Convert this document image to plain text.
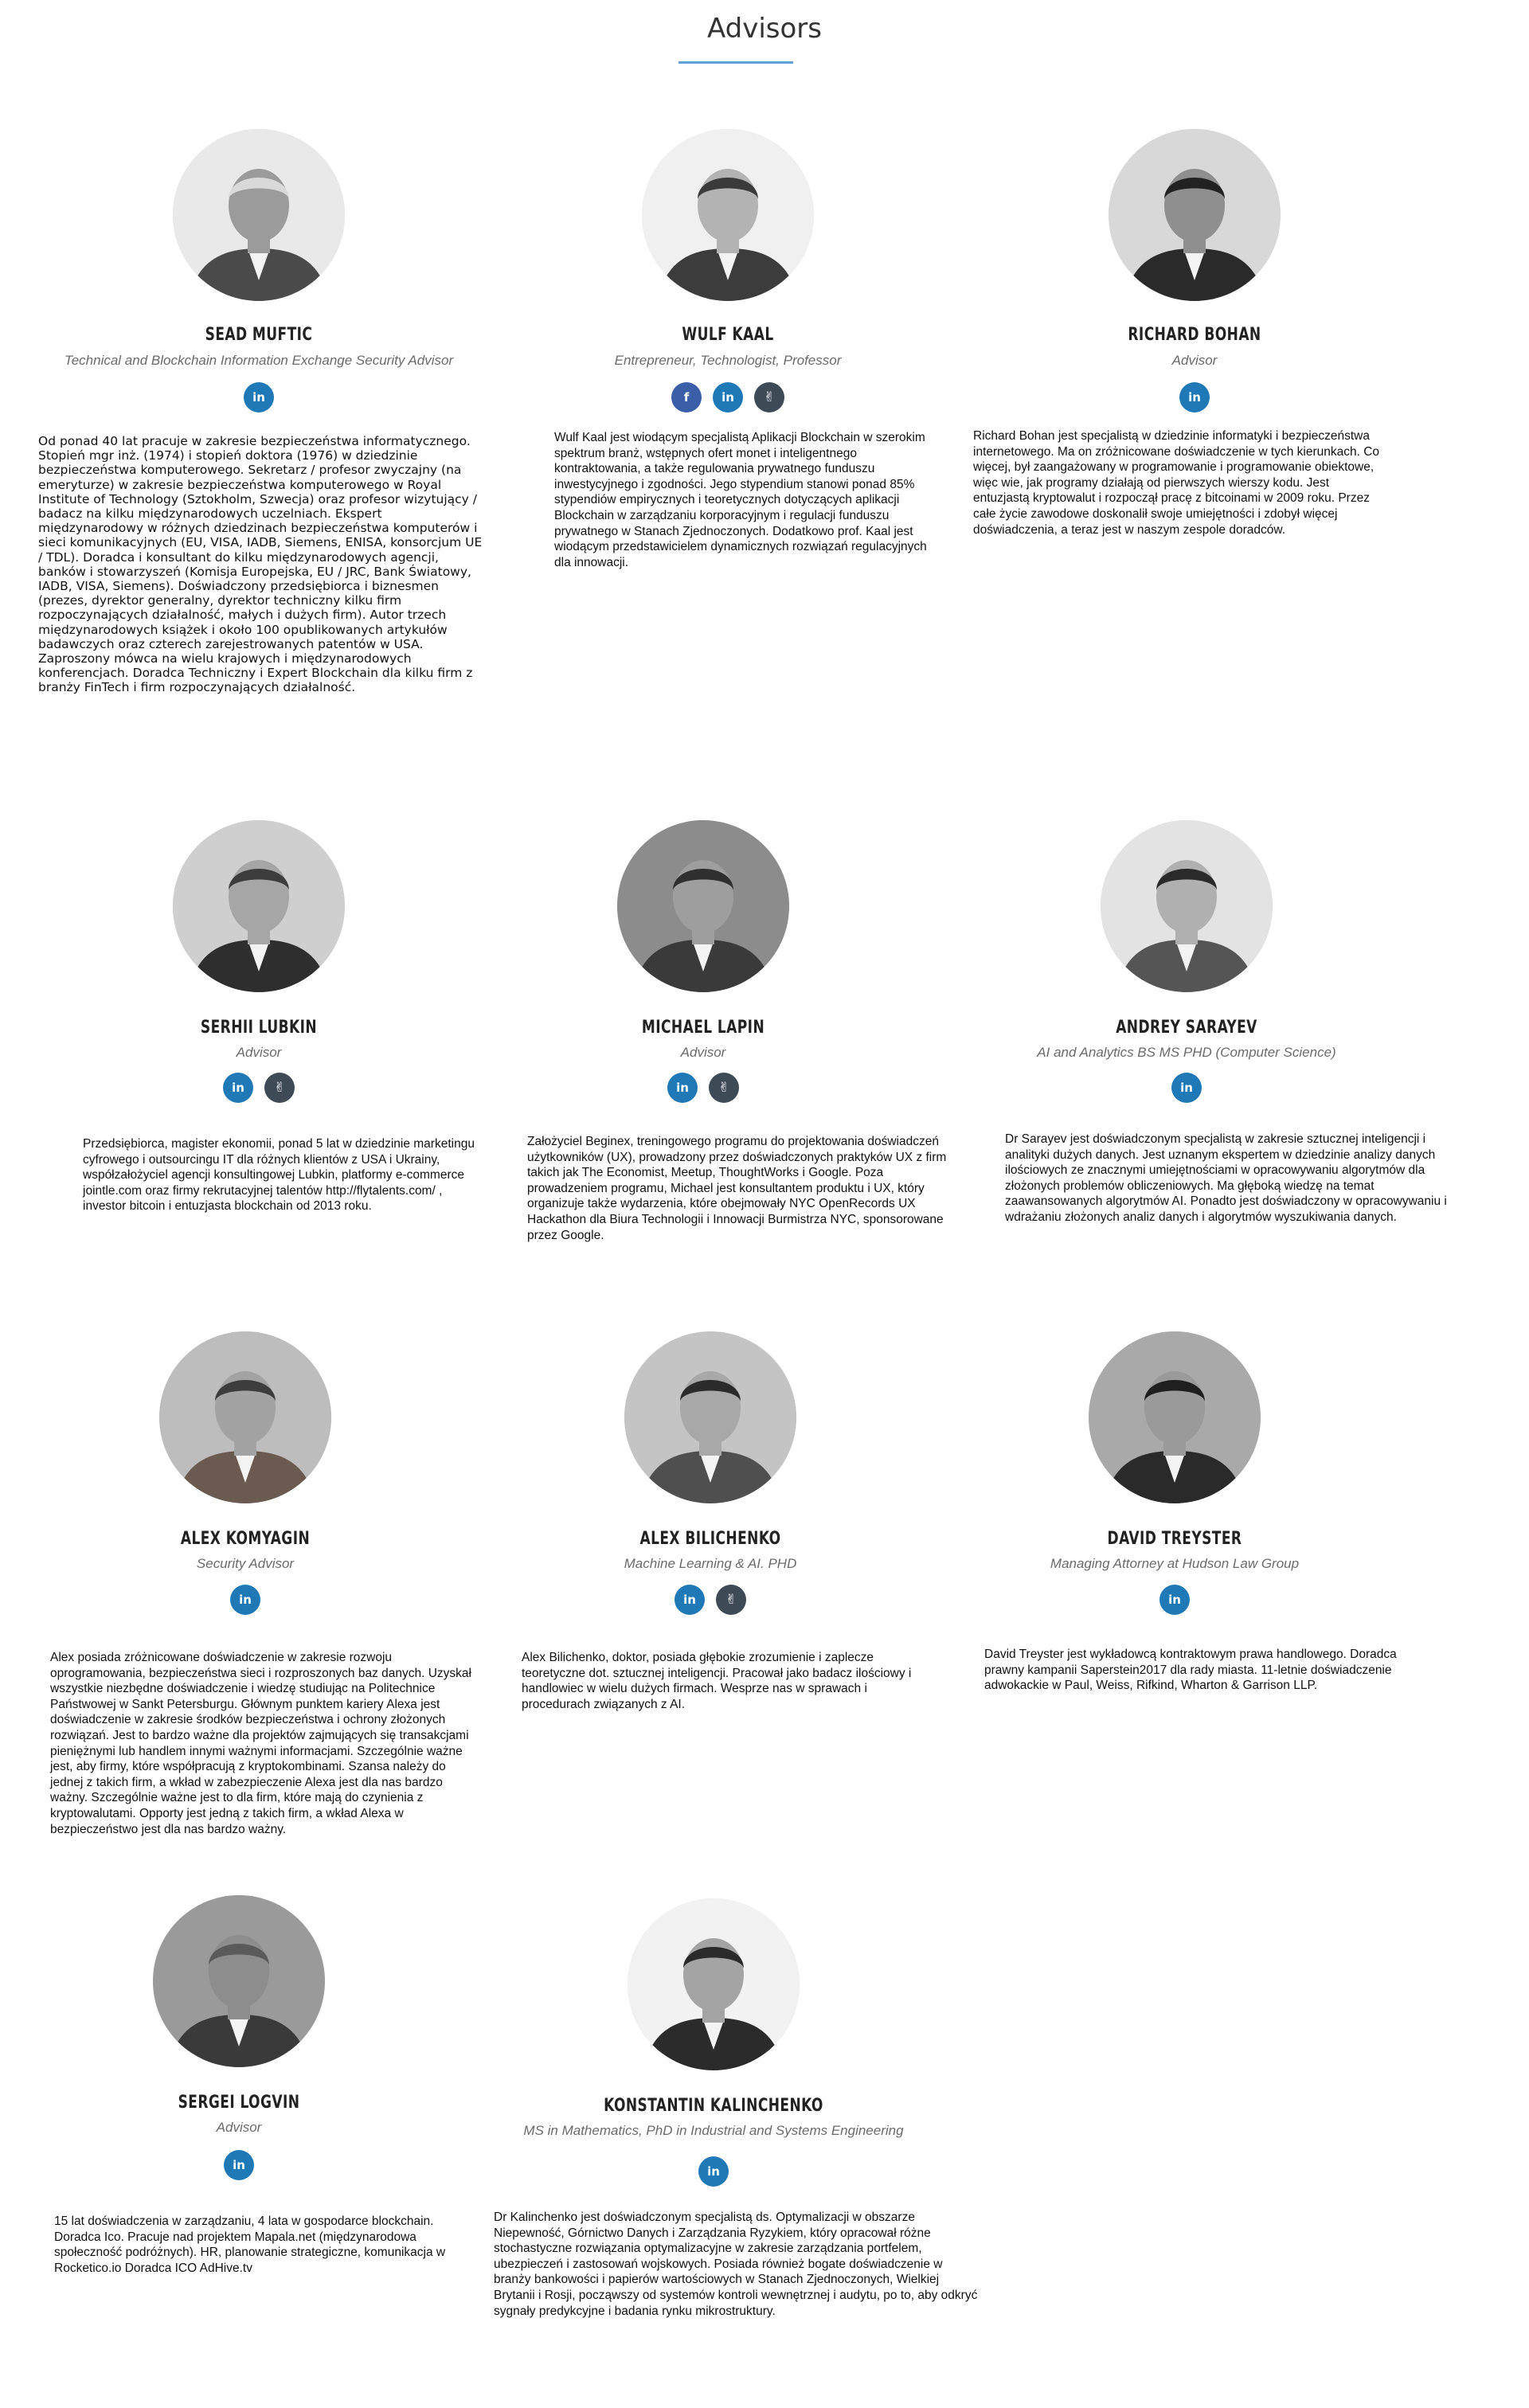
Advisors
SEAD MUFTIC
Technical and Blockchain Information Exchange Security Advisor
in
Od ponad 40 lat pracuje w zakresie bezpieczeństwa informatycznego. Stopień mgr inż. (1974) i stopień doktora (1976) w dziedzinie bezpieczeństwa komputerowego. Sekretarz / profesor zwyczajny (na emeryturze) w zakresie bezpieczeństwa komputerowego w Royal Institute of Technology (Sztokholm, Szwecja) oraz profesor wizytujący / badacz na kilku międzynarodowych uczelniach. Ekspert międzynarodowy w różnych dziedzinach bezpieczeństwa komputerów i sieci komunikacyjnych (EU, VISA, IADB, Siemens, ENISA, konsorcjum UE / TDL). Doradca i konsultant do kilku międzynarodowych agencji, banków i stowarzyszeń (Komisja Europejska, EU / JRC, Bank Światowy, IADB, VISA, Siemens). Doświadczony przedsiębiorca i biznesmen (prezes, dyrektor generalny, dyrektor techniczny kilku firm rozpoczynających działalność, małych i dużych firm). Autor trzech międzynarodowych książek i około 100 opublikowanych artykułów badawczych oraz czterech zarejestrowanych patentów w USA. Zaproszony mówca na wielu krajowych i międzynarodowych konferencjach. Doradca Techniczny i Expert Blockchain dla kilku firm z branży FinTech i firm rozpoczynających działalność.
WULF KAAL
Entrepreneur, Technologist, Professor
f	in	✌
Wulf Kaal jest wiodącym specjalistą Aplikacji Blockchain w szerokim spektrum branż, wstępnych ofert monet i inteligentnego kontraktowania, a także regulowania prywatnego funduszu inwestycyjnego i zgodności. Jego stypendium stanowi ponad 85% stypendiów empirycznych i teoretycznych dotyczących aplikacji Blockchain w zarządzaniu korporacyjnym i regulacji funduszu prywatnego w Stanach Zjednoczonych. Dodatkowo prof. Kaal jest wiodącym przedstawicielem dynamicznych rozwiązań regulacyjnych dla innowacji.
RICHARD BOHAN
Advisor
in
Richard Bohan jest specjalistą w dziedzinie informatyki i bezpieczeństwa internetowego. Ma on zróżnicowane doświadczenie w tych kierunkach. Co więcej, był zaangażowany w programowanie i programowanie obiektowe, więc wie, jak programy działają od pierwszych wierszy kodu. Jest entuzjastą kryptowalut i rozpoczął pracę z bitcoinami w 2009 roku. Przez całe życie zawodowe doskonalił swoje umiejętności i zdobył więcej doświadczenia, a teraz jest w naszym zespole doradców.
SERHII LUBKIN
Advisor
in	✌
Przedsiębiorca, magister ekonomii, ponad 5 lat w dziedzinie marketingu cyfrowego i outsourcingu IT dla różnych klientów z USA i Ukrainy, współzałożyciel agencji konsultingowej Lubkin, platformy e-commerce jointle.com oraz firmy rekrutacyjnej talentów http://flytalents.com/ , investor bitcoin i entuzjasta blockchain od 2013 roku.
MICHAEL LAPIN
Advisor
in	✌
Założyciel Beginex, treningowego programu do projektowania doświadczeń użytkowników (UX), prowadzony przez doświadczonych praktyków UX z firm takich jak The Economist, Meetup, ThoughtWorks i Google. Poza prowadzeniem programu, Michael jest konsultantem produktu i UX, który organizuje także wydarzenia, które obejmowały NYC OpenRecords UX Hackathon dla Biura Technologii i Innowacji Burmistrza NYC, sponsorowane przez Google.
ANDREY SARAYEV
AI and Analytics BS MS PHD (Computer Science)
in
Dr Sarayev jest doświadczonym specjalistą w zakresie sztucznej inteligencji i analityki dużych danych. Jest uznanym ekspertem w dziedzinie analizy danych ilościowych ze znacznymi umiejętnościami w opracowywaniu algorytmów dla złożonych problemów obliczeniowych. Ma głęboką wiedzę na temat zaawansowanych algorytmów AI. Ponadto jest doświadczony w opracowywaniu i wdrażaniu złożonych analiz danych i algorytmów wyszukiwania danych.
ALEX KOMYAGIN
Security Advisor
in
Alex posiada zróżnicowane doświadczenie w zakresie rozwoju oprogramowania, bezpieczeństwa sieci i rozproszonych baz danych. Uzyskał wszystkie niezbędne doświadczenie i wiedzę studiując na Politechnice Państwowej w Sankt Petersburgu. Głównym punktem kariery Alexa jest doświadczenie w zakresie środków bezpieczeństwa i ochrony złożonych rozwiązań. Jest to bardzo ważne dla projektów zajmujących się transakcjami pieniężnymi lub handlem innymi ważnymi informacjami. Szczególnie ważne jest, aby firmy, które współpracują z kryptokombinami. Szansa należy do jednej z takich firm, a wkład w zabezpieczenie Alexa jest dla nas bardzo ważny. Szczególnie ważne jest to dla firm, które mają do czynienia z kryptowalutami. Opporty jest jedną z takich firm, a wkład Alexa w bezpieczeństwo jest dla nas bardzo ważny.
ALEX BILICHENKO
Machine Learning & AI. PHD
in	✌
Alex Bilichenko, doktor, posiada głębokie zrozumienie i zaplecze teoretyczne dot. sztucznej inteligencji. Pracował jako badacz ilościowy i handlowiec w wielu dużych firmach. Wesprze nas w sprawach i procedurach związanych z AI.
DAVID TREYSTER
Managing Attorney at Hudson Law Group
in
David Treyster jest wykładowcą kontraktowym prawa handlowego. Doradca prawny kampanii Saperstein2017 dla rady miasta. 11-letnie doświadczenie adwokackie w Paul, Weiss, Rifkind, Wharton & Garrison LLP.
SERGEI LOGVIN
Advisor
in
15 lat doświadczenia w zarządzaniu, 4 lata w gospodarce blockchain. Doradca Ico. Pracuje nad projektem Mapala.net (międzynarodowa społeczność podróżnych). HR, planowanie strategiczne, komunikacja w Rocketico.io Doradca ICO AdHive.tv
KONSTANTIN KALINCHENKO
MS in Mathematics, PhD in Industrial and Systems Engineering
in
Dr Kalinchenko jest doświadczonym specjalistą ds. Optymalizacji w obszarze Niepewność, Górnictwo Danych i Zarządzania Ryzykiem, który opracował różne stochastyczne rozwiązania optymalizacyjne w zakresie zarządzania portfelem, ubezpieczeń i zastosowań wojskowych. Posiada również bogate doświadczenie w branży bankowości i papierów wartościowych w Stanach Zjednoczonych, Wielkiej Brytanii i Rosji, począwszy od systemów kontroli wewnętrznej i audytu, po to, aby odkryć sygnały predykcyjne i badania rynku mikrostruktury.
